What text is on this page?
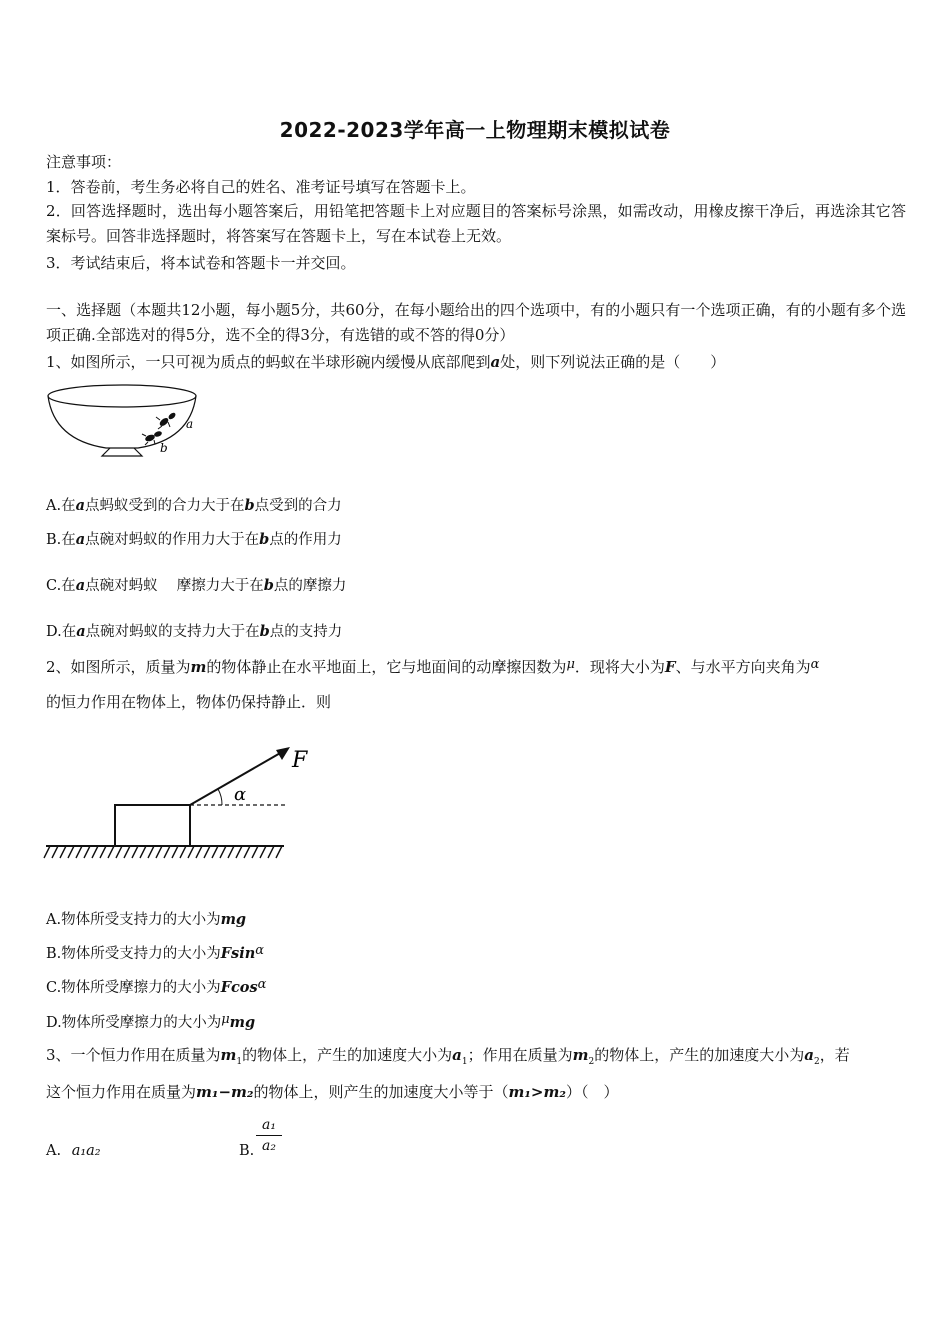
2022-2023学年高一上物理期末模拟试卷
注意事项：
1．答卷前，考生务必将自己的姓名、准考证号填写在答题卡上。
2．回答选择题时，选出每小题答案后，用铅笔把答题卡上对应题目的答案标号涂黑，如需改动，用橡皮擦干净后，再选涂其它答案标号。回答非选择题时，将答案写在答题卡上，写在本试卷上无效。
3．考试结束后，将本试卷和答题卡一并交回。
一、选择题（本题共12小题，每小题5分，共60分，在每小题给出的四个选项中，有的小题只有一个选项正确，有的小题有多个选项正确.全部选对的得5分，选不全的得3分，有选错的或不答的得0分）
1、如图所示，一只可视为质点的蚂蚁在半球形碗内缓慢从底部爬到a处，则下列说法正确的是（　　）
a
b
A.在a点蚂蚁受到的合力大于在b点受到的合力
B.在a点碗对蚂蚁的作用力大于在b点的作用力
C.在a点碗对蚂蚁　 摩擦力大于在b点的摩擦力
D.在a点碗对蚂蚁的支持力大于在b点的支持力
2、如图所示，质量为m的物体静止在水平地面上，它与地面间的动摩擦因数为μ．现将大小为F、与水平方向夹角为α
的恒力作用在物体上，物体仍保持静止．则
F
α
A.物体所受支持力的大小为mg
B.物体所受支持力的大小为Fsinα
C.物体所受摩擦力的大小为Fcosα
D.物体所受摩擦力的大小为μmg
3、一个恒力作用在质量为$m_1$的物体上，产生的加速度大小为$a_1$；作用在质量为$m_2$的物体上，产生的加速度大小为$a_2$，若
这个恒力作用在质量为m₁−m₂的物体上，则产生的加速度大小等于（m₁>m₂）（　）
A. a₁a₂	B.
a₁
a₂
